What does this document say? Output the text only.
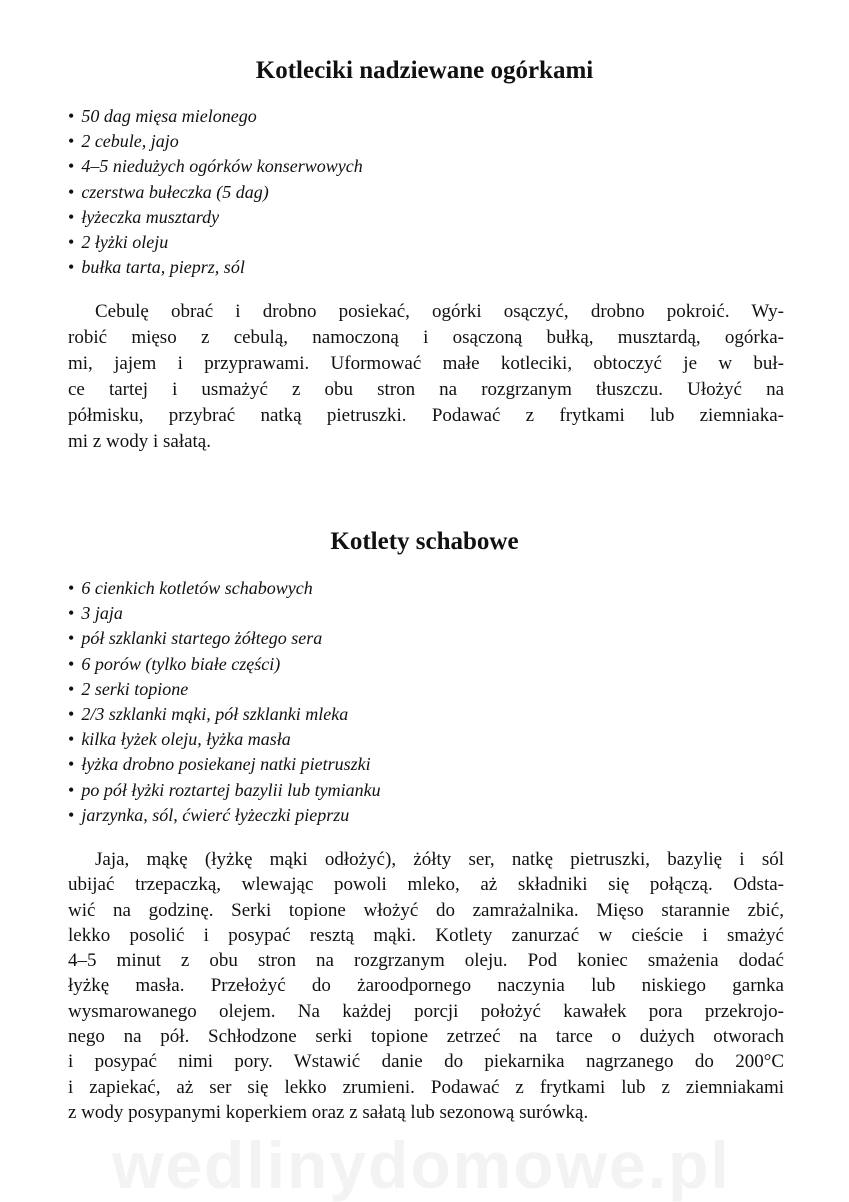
wedlinydomowe.pl
Kotleciki nadziewane ogórkami
• 50 dag mięsa mielonego
• 2 cebule, jajo
• 4–5 niedużych ogórków konserwowych
• czerstwa bułeczka (5 dag)
• łyżeczka musztardy
• 2 łyżki oleju
• bułka tarta, pieprz, sól
Cebulę obrać i drobno posiekać, ogórki osączyć, drobno pokroić. Wy-
robić mięso z cebulą, namoczoną i osączoną bułką, musztardą, ogórka-
mi, jajem i przyprawami. Uformować małe kotleciki, obtoczyć je w buł-
ce tartej i usmażyć z obu stron na rozgrzanym tłuszczu. Ułożyć na
półmisku, przybrać natką pietruszki. Podawać z frytkami lub ziemniaka-
mi z wody i sałatą.
Kotlety schabowe
• 6 cienkich kotletów schabowych
• 3 jaja
• pół szklanki startego żółtego sera
• 6 porów (tylko białe części)
• 2 serki topione
• 2/3 szklanki mąki, pół szklanki mleka
• kilka łyżek oleju, łyżka masła
• łyżka drobno posiekanej natki pietruszki
• po pół łyżki roztartej bazylii lub tymianku
• jarzynka, sól, ćwierć łyżeczki pieprzu
Jaja, mąkę (łyżkę mąki odłożyć), żółty ser, natkę pietruszki, bazylię i sól
ubijać trzepaczką, wlewając powoli mleko, aż składniki się połączą. Odsta-
wić na godzinę. Serki topione włożyć do zamrażalnika. Mięso starannie zbić,
lekko posolić i posypać resztą mąki. Kotlety zanurzać w cieście i smażyć
4–5 minut z obu stron na rozgrzanym oleju. Pod koniec smażenia dodać
łyżkę masła. Przełożyć do żaroodpornego naczynia lub niskiego garnka
wysmarowanego olejem. Na każdej porcji położyć kawałek pora przekrojo-
nego na pół. Schłodzone serki topione zetrzeć na tarce o dużych otworach
i posypać nimi pory. Wstawić danie do piekarnika nagrzanego do 200°C
i zapiekać, aż ser się lekko zrumieni. Podawać z frytkami lub z ziemniakami
z wody posypanymi koperkiem oraz z sałatą lub sezonową surówką.
